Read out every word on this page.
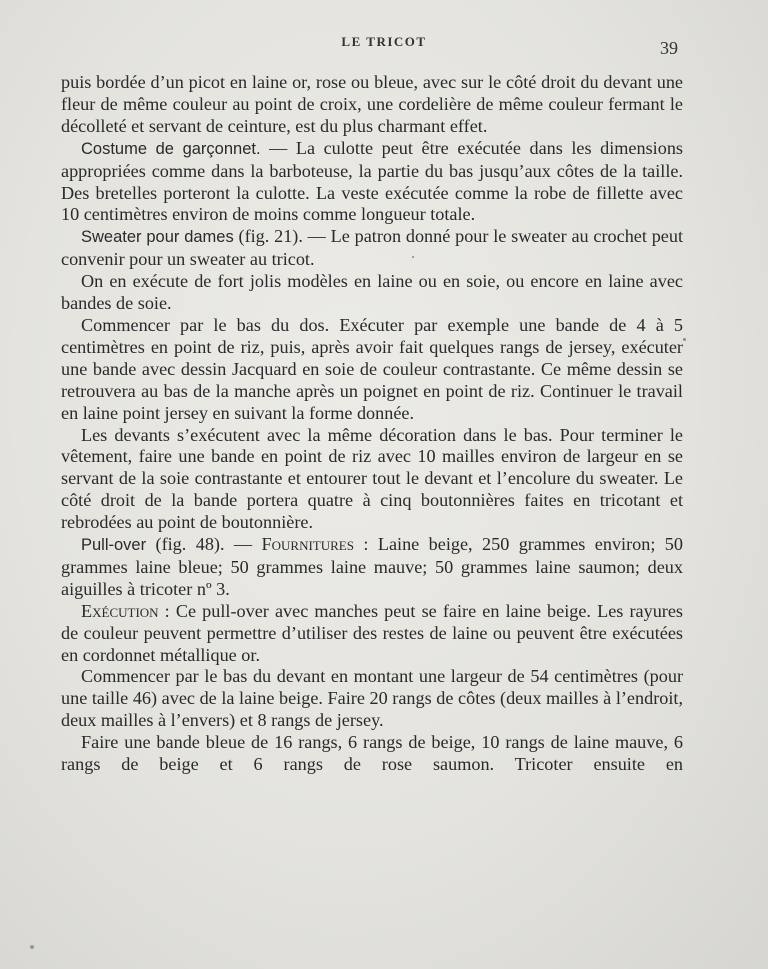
LE TRICOT	39

puis bordée d’un picot en laine or, rose ou bleue, avec sur le côté droit du devant une fleur de même couleur au point de croix, une cordelière de même couleur fermant le décolleté et servant de ceinture, est du plus charmant effet.

Costume de garçonnet. — La culotte peut être exécutée dans les dimensions appropriées comme dans la barboteuse, la partie du bas jusqu’aux côtes de la taille. Des bretelles porteront la culotte. La veste exécutée comme la robe de fillette avec 10 centimètres environ de moins comme longueur totale.

Sweater pour dames (fig. 21). — Le patron donné pour le sweater au crochet peut convenir pour un sweater au tricot.

On en exécute de fort jolis modèles en laine ou en soie, ou encore en laine avec bandes de soie.

Commencer par le bas du dos. Exécuter par exemple une bande de 4 à 5 centimètres en point de riz, puis, après avoir fait quelques rangs de jersey, exécuter une bande avec dessin Jacquard en soie de couleur contrastante. Ce même dessin se retrouvera au bas de la manche après un poignet en point de riz. Continuer le travail en laine point jersey en suivant la forme donnée.

Les devants s’exécutent avec la même décoration dans le bas. Pour terminer le vêtement, faire une bande en point de riz avec 10 mailles environ de largeur en se servant de la soie contrastante et entourer tout le devant et l’encolure du sweater. Le côté droit de la bande portera quatre à cinq boutonnières faites en tricotant et rebrodées au point de boutonnière.

Pull-over (fig. 48). — Fournitures : Laine beige, 250 grammes environ; 50 grammes laine bleue; 50 grammes laine mauve; 50 grammes laine saumon; deux aiguilles à tricoter nº 3.

Exécution : Ce pull-over avec manches peut se faire en laine beige. Les rayures de couleur peuvent permettre d’utiliser des restes de laine ou peuvent être exécutées en cordonnet métallique or.

Commencer par le bas du devant en montant une largeur de 54 centimètres (pour une taille 46) avec de la laine beige. Faire 20 rangs de côtes (deux mailles à l’endroit, deux mailles à l’envers) et 8 rangs de jersey.

Faire une bande bleue de 16 rangs, 6 rangs de beige, 10 rangs de laine mauve, 6 rangs de beige et 6 rangs de rose saumon. Tricoter ensuite en
